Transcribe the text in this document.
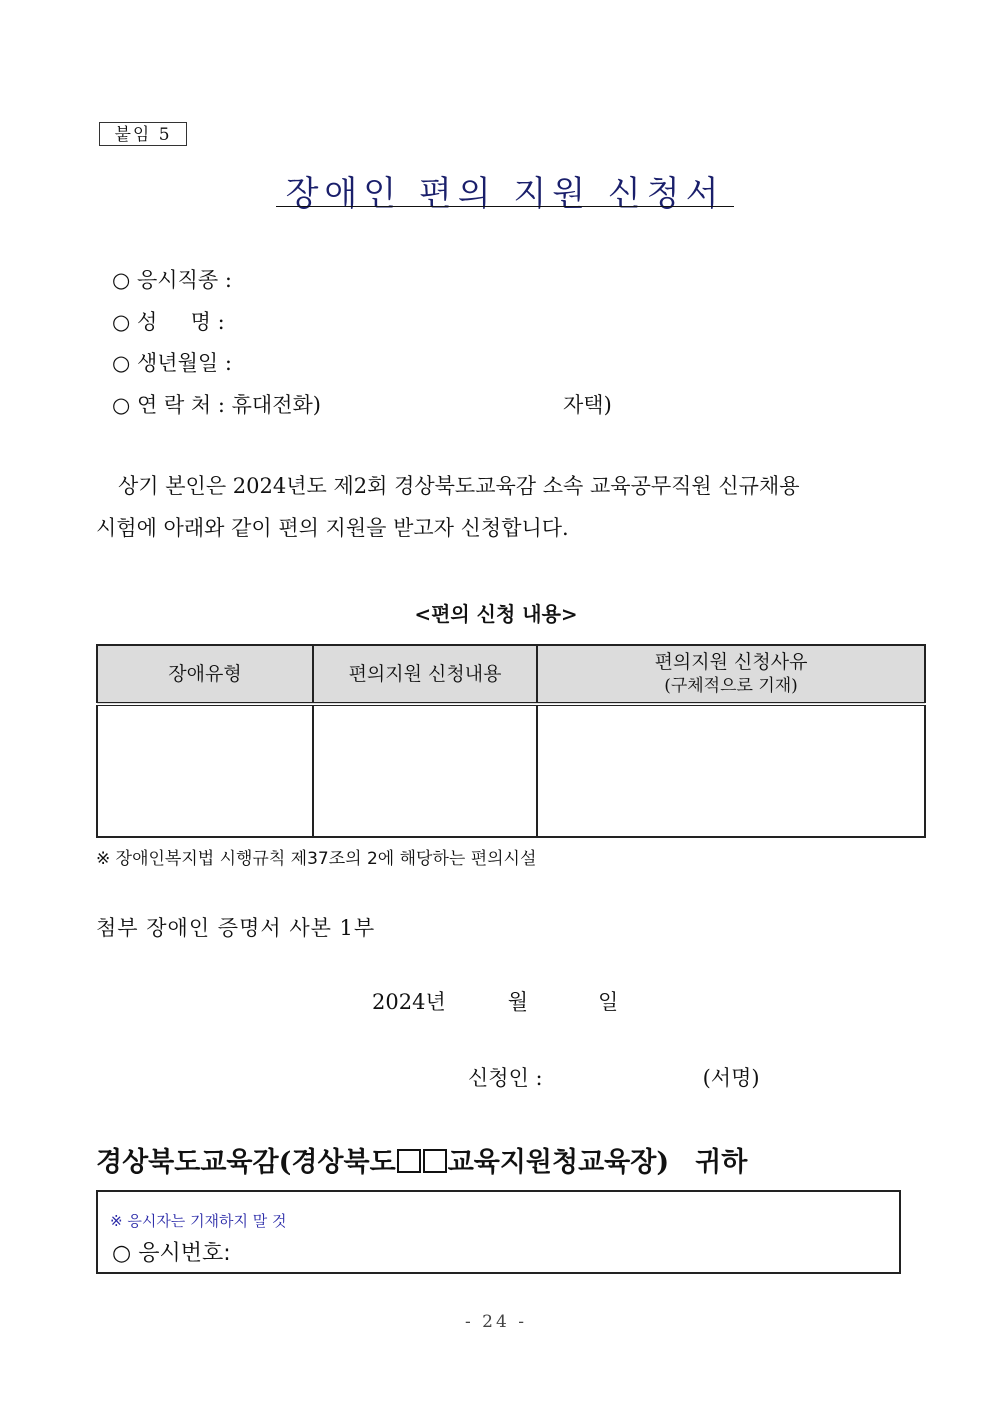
붙임 5
장애인 편의 지원 신청서
○ 응시직종 :
○ 성     명 :
○ 생년월일 :
○ 연 락 처 : 휴대전화)	자택)
상기 본인은 2024년도 제2회 경상북도교육감 소속 교육공무직원 신규채용
시험에 아래와 같이 편의 지원을 받고자 신청합니다.
<편의 신청 내용>
장애유형	편의지원 신청내용	편의지원 신청사유
(구체적으로 기재)

※ 장애인복지법 시행규칙 제37조의 2에 해당하는 편의시설
첨부 장애인 증명서 사본 1부
2024년	월	일
신청인 :	(서명)
경상북도교육감(경상북도 교육지원청교육장) 귀하
※ 응시자는 기재하지 말 것
○ 응시번호:
- 24 -
